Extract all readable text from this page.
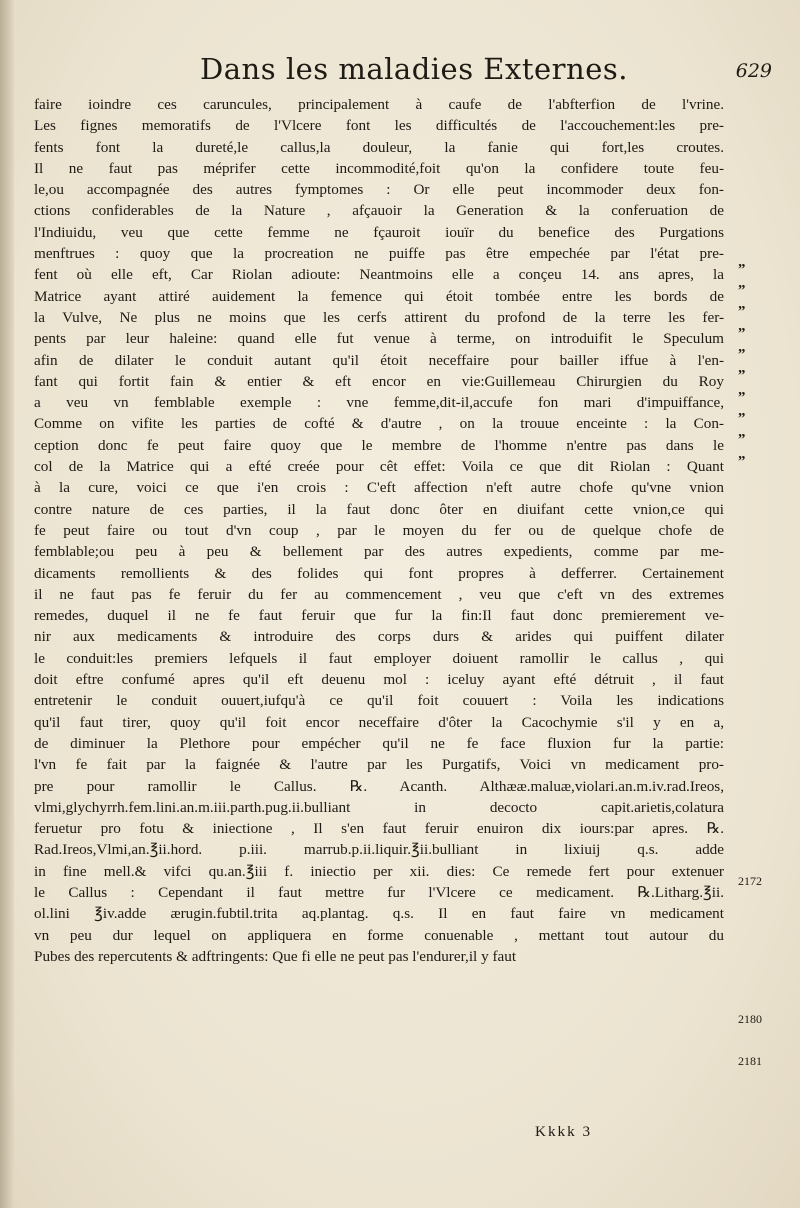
Dans les maladies Externes.	629
faire ioindre ces caruncules, principalement à caufe de l'abfterfion de l'vrine.
Les fignes memoratifs de l'Vlcere font les difficultés de l'accouchement:les pre-
fents font la dureté,le callus,la douleur, la fanie qui fort,les croutes.
Il ne faut pas méprifer cette incommodité,foit qu'on la confidere toute feu-
le,ou accompagnée des autres fymptomes : Or elle peut incommoder deux fon-
ctions confiderables de la Nature , afçauoir la Generation & la conferuation de
l'Indiuidu, veu que cette femme ne fçauroit iouïr du benefice des Purgations
menftrues : quoy que la procreation ne puiffe pas être empechée par l'état pre-
fent où elle eft, Car Riolan adioute: Neantmoins elle a conçeu 14. ans apres, la
Matrice ayant attiré auidement la femence qui étoit tombée entre les bords de
la Vulve, Ne plus ne moins que les cerfs attirent du profond de la terre les fer-
pents par leur haleine: quand elle fut venue à terme, on introduifit le Speculum
afin de dilater le conduit autant qu'il étoit neceffaire pour bailler iffue à l'en-
fant qui fortit fain & entier & eft encor en vie:Guillemeau Chirurgien du Roy
a veu vn femblable exemple : vne femme,dit-il,accufe fon mari d'impuiffance,
Comme on vifite les parties de cofté & d'autre , on la trouue enceinte : la Con-
ception donc fe peut faire quoy que le membre de l'homme n'entre pas dans le
col de la Matrice qui a efté creée pour cêt effet: Voila ce que dit Riolan : Quant
à la cure, voici ce que i'en crois : C'eft affection n'eft autre chofe qu'vne vnion
contre nature de ces parties, il la faut donc ôter en diuifant cette vnion,ce qui
fe peut faire ou tout d'vn coup , par le moyen du fer ou de quelque chofe de
femblable;ou peu à peu & bellement par des autres expedients, comme par me-
dicaments remollients & des folides qui font propres à defferrer. Certainement
il ne faut pas fe feruir du fer au commencement , veu que c'eft vn des extremes
remedes, duquel il ne fe faut feruir que fur la fin:Il faut donc premierement ve-
nir aux medicaments & introduire des corps durs & arides qui puiffent dilater
le conduit:les premiers lefquels il faut employer doiuent ramollir le callus , qui
doit eftre confumé apres qu'il eft deuenu mol : iceluy ayant efté détruit , il faut
entretenir le conduit ouuert,iufqu'à ce qu'il foit couuert : Voila les indications
qu'il faut tirer, quoy qu'il foit encor neceffaire d'ôter la Cacochymie s'il y en a,
de diminuer la Plethore pour empécher qu'il ne fe face fluxion fur la partie:
l'vn fe fait par la faignée & l'autre par les Purgatifs, Voici vn medicament pro-
pre pour ramollir le Callus. ℞. Acanth. Althææ.maluæ,violari.an.m.iv.rad.Ireos,
vlmi,glychyrrh.fem.lini.an.m.iii.parth.pug.ii.bulliant in decocto capit.arietis,colatura
feruetur pro fotu & iniectione , Il s'en faut feruir enuiron dix iours:par apres. ℞.
Rad.Ireos,Vlmi,an.℥ii.hord. p.iii. marrub.p.ii.liquir.℥ii.bulliant in lixiuij q.s. adde
in fine mell.& vifci qu.an.℥iii f. iniectio per xii. dies: Ce remede fert pour extenuer
le Callus : Cependant il faut mettre fur l'Vlcere ce medicament. ℞.Litharg.℥ii.
ol.lini ℥iv.adde ærugin.fubtil.trita aq.plantag. q.s. Il en faut faire vn medicament
vn peu dur lequel on appliquera en forme conuenable , mettant tout autour du
Pubes des repercutents & adftringents: Que fi elle ne peut pas l'endurer,il y faut
„
„
„
„
„
„
„
„
„
„
2172
2180
2181
Kkkk 3
